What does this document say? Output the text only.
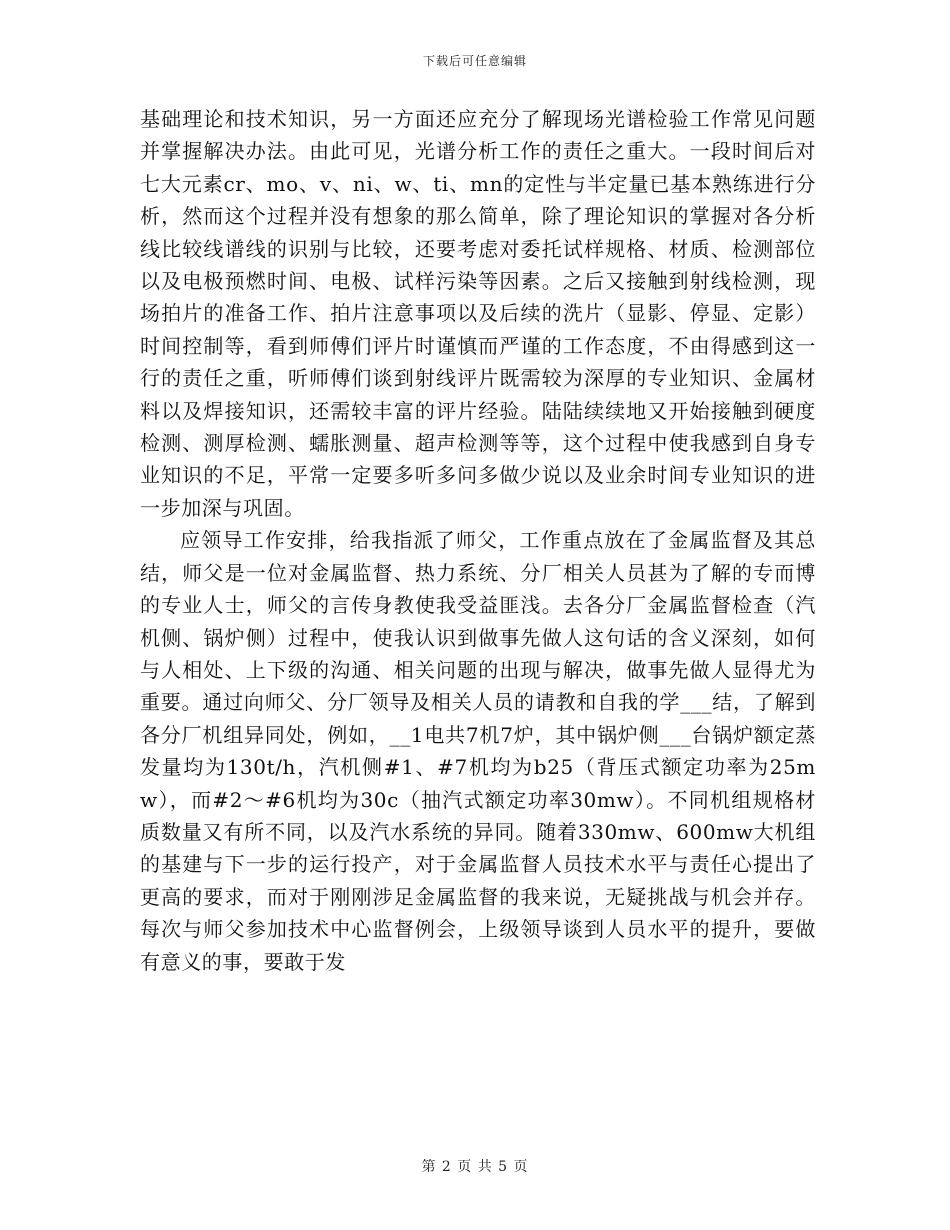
下载后可任意编辑

基础理论和技术知识，另一方面还应充分了解现场光谱检验工作常见问题并掌握解决办法。由此可见，光谱分析工作的责任之重大。一段时间后对七大元素cr、mo、v、ni、w、ti、mn的定性与半定量已基本熟练进行分析，然而这个过程并没有想象的那么简单，除了理论知识的掌握对各分析线比较线谱线的识别与比较，还要考虑对委托试样规格、材质、检测部位以及电极预燃时间、电极、试样污染等因素。之后又接触到射线检测，现场拍片的准备工作、拍片注意事项以及后续的洗片（显影、停显、定影）时间控制等，看到师傅们评片时谨慎而严谨的工作态度，不由得感到这一行的责任之重，听师傅们谈到射线评片既需较为深厚的专业知识、金属材料以及焊接知识，还需较丰富的评片经验。陆陆续续地又开始接触到硬度检测、测厚检测、蠕胀测量、超声检测等等，这个过程中使我感到自身专业知识的不足，平常一定要多听多问多做少说以及业余时间专业知识的进一步加深与巩固。

应领导工作安排，给我指派了师父，工作重点放在了金属监督及其总结，师父是一位对金属监督、热力系统、分厂相关人员甚为了解的专而博的专业人士，师父的言传身教使我受益匪浅。去各分厂金属监督检查（汽机侧、锅炉侧）过程中，使我认识到做事先做人这句话的含义深刻，如何与人相处、上下级的沟通、相关问题的出现与解决，做事先做人显得尤为重要。通过向师父、分厂领导及相关人员的请教和自我的学___结，了解到各分厂机组异同处，例如，__1电共7机7炉，其中锅炉侧___台锅炉额定蒸发量均为130t/h，汽机侧#1、#7机均为b25（背压式额定功率为25mw），而#2～#6机均为30c（抽汽式额定功率30mw）。不同机组规格材质数量又有所不同，以及汽水系统的异同。随着330mw、600mw大机组的基建与下一步的运行投产，对于金属监督人员技术水平与责任心提出了更高的要求，而对于刚刚涉足金属监督的我来说，无疑挑战与机会并存。每次与师父参加技术中心监督例会，上级领导谈到人员水平的提升，要做有意义的事，要敢于发

第 2 页 共 5 页
